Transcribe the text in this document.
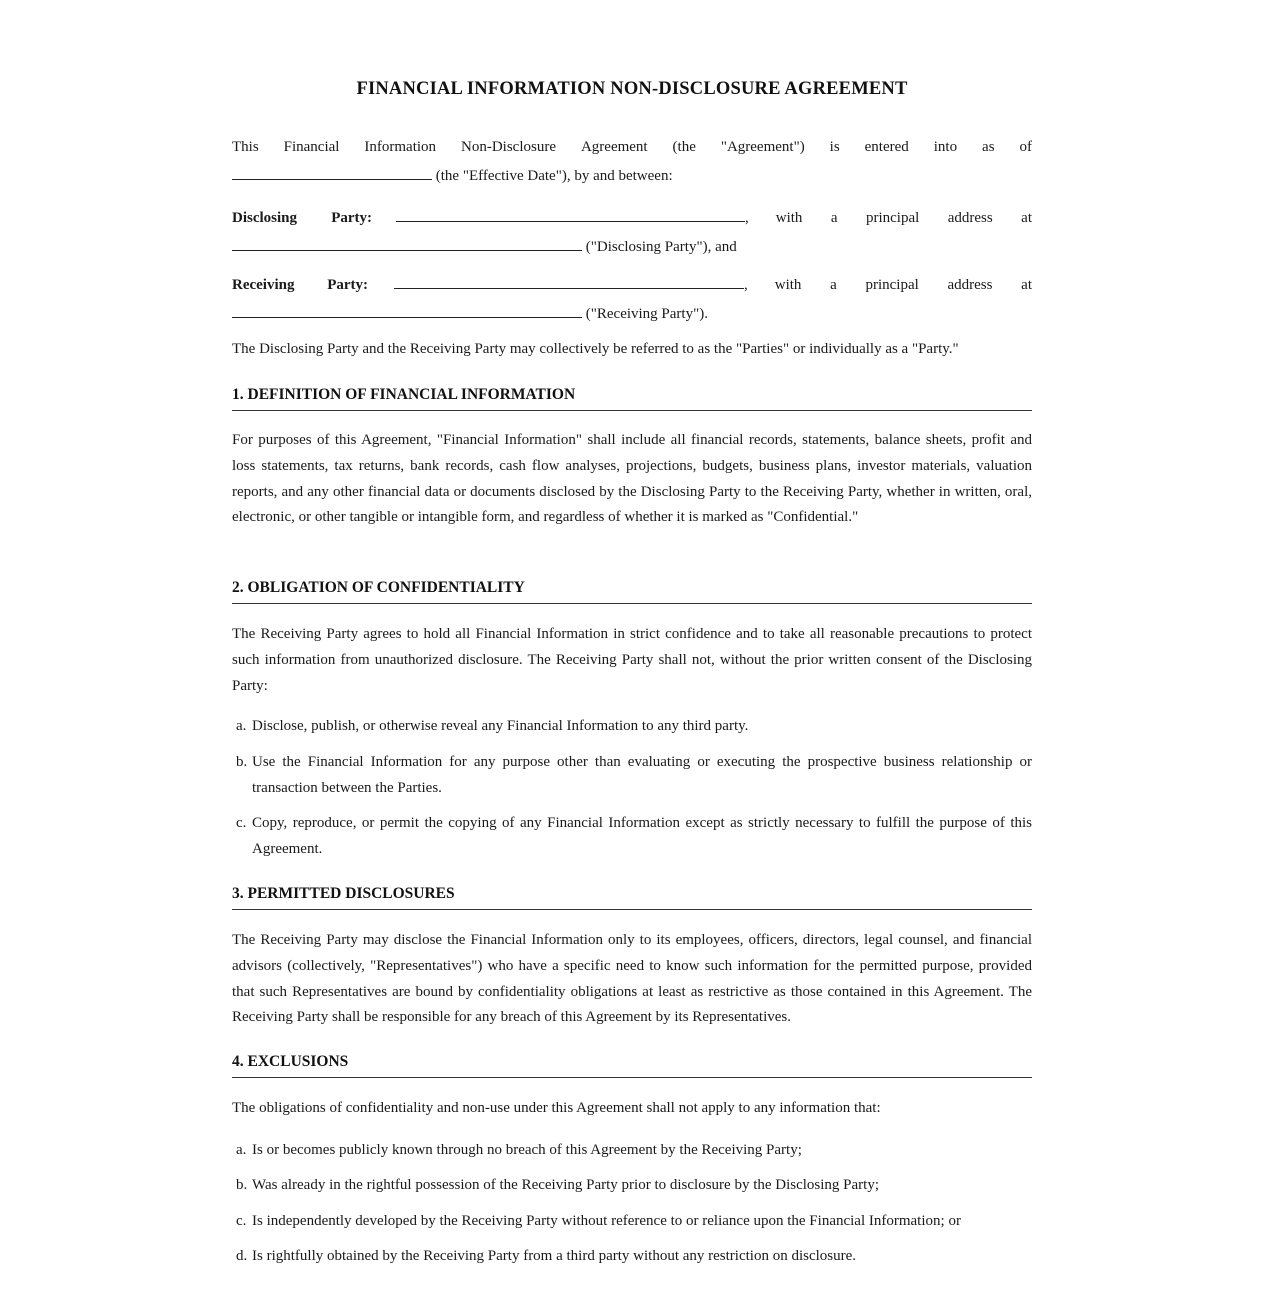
FINANCIAL INFORMATION NON-DISCLOSURE AGREEMENT
This Financial Information Non-Disclosure Agreement (the "Agreement") is entered into as of
(the "Effective Date"), by and between:
Disclosing Party:	, with a principal address at
("Disclosing Party"), and
Receiving Party:	, with a principal address at
("Receiving Party").

The Disclosing Party and the Receiving Party may collectively be referred to as the "Parties" or individually as a "Party."

1. DEFINITION OF FINANCIAL INFORMATION

For purposes of this Agreement, "Financial Information" shall include all financial records, statements, balance sheets, profit and loss statements, tax returns, bank records, cash flow analyses, projections, budgets, business plans, investor materials, valuation reports, and any other financial data or documents disclosed by the Disclosing Party to the Receiving Party, whether in written, oral, electronic, or other tangible or intangible form, and regardless of whether it is marked as "Confidential."

2. OBLIGATION OF CONFIDENTIALITY

The Receiving Party agrees to hold all Financial Information in strict confidence and to take all reasonable precautions to protect such information from unauthorized disclosure. The Receiving Party shall not, without the prior written consent of the Disclosing Party:

a. Disclose, publish, or otherwise reveal any Financial Information to any third party.
b. Use the Financial Information for any purpose other than evaluating or executing the prospective business relationship or transaction between the Parties.
c. Copy, reproduce, or permit the copying of any Financial Information except as strictly necessary to fulfill the purpose of this Agreement.
3. PERMITTED DISCLOSURES

The Receiving Party may disclose the Financial Information only to its employees, officers, directors, legal counsel, and financial advisors (collectively, "Representatives") who have a specific need to know such information for the permitted purpose, provided that such Representatives are bound by confidentiality obligations at least as restrictive as those contained in this Agreement. The Receiving Party shall be responsible for any breach of this Agreement by its Representatives.

4. EXCLUSIONS

The obligations of confidentiality and non-use under this Agreement shall not apply to any information that:

a. Is or becomes publicly known through no breach of this Agreement by the Receiving Party;
b. Was already in the rightful possession of the Receiving Party prior to disclosure by the Disclosing Party;
c. Is independently developed by the Receiving Party without reference to or reliance upon the Financial Information; or
d. Is rightfully obtained by the Receiving Party from a third party without any restriction on disclosure.
